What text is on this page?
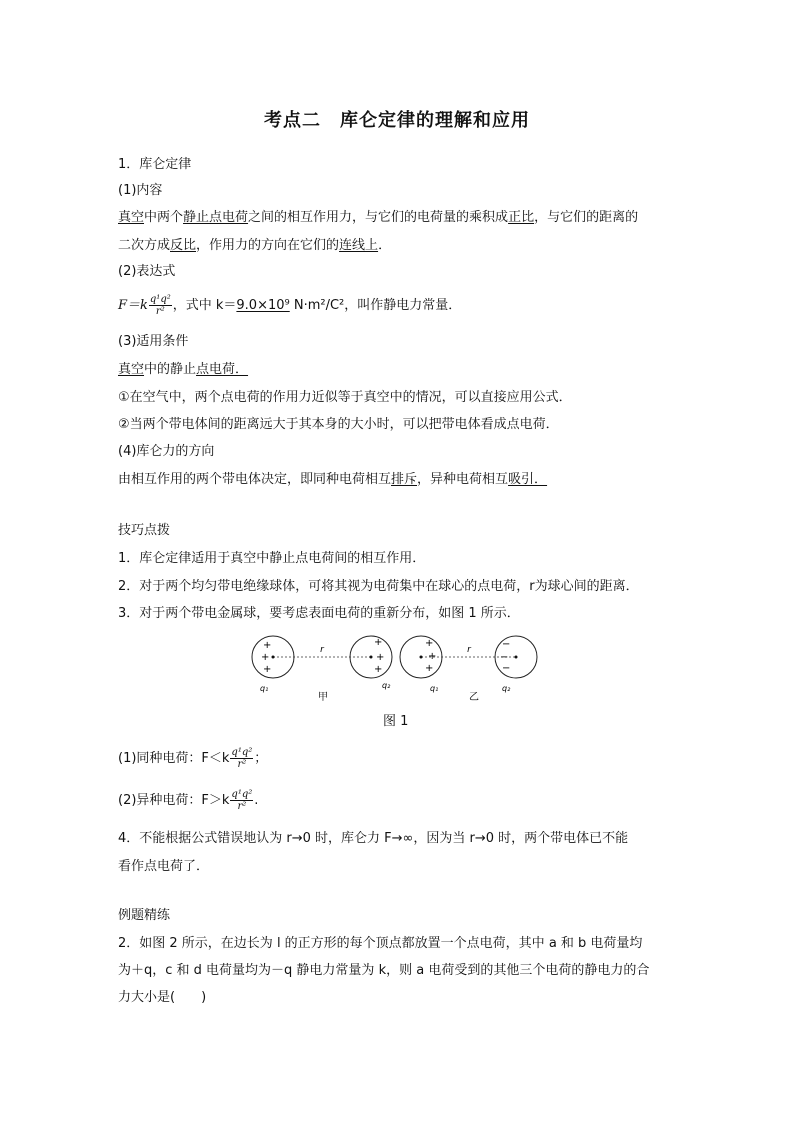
考点二　库仑定律的理解和应用
1．库仑定律
(1)内容
真空中两个静止点电荷之间的相互作用力，与它们的电荷量的乘积成正比，与它们的距离的
二次方成反比，作用力的方向在它们的连线上．
(2)表达式
$F=k \frac{\text{q¹q²}}{\text{r²}}$ ，式中 k＝9.0×10⁹ N·m²/C²，叫作静电力常量．
(3)适用条件
真空中的静止点电荷．
①在空气中，两个点电荷的作用力近似等于真空中的情况，可以直接应用公式．
②当两个带电体间的距离远大于其本身的大小时，可以把带电体看成点电荷．
(4)库仑力的方向
由相互作用的两个带电体决定，即同种电荷相互排斥，异种电荷相互吸引．
技巧点拨
1．库仑定律适用于真空中静止点电荷间的相互作用．
2．对于两个均匀带电绝缘球体，可将其视为电荷集中在球心的点电荷，r为球心间的距离．
3．对于两个带电金属球，要考虑表面电荷的重新分布，如图 1 所示．
r
+
+
+
+
+
+
q₁	q₂
r
+
+
+
−
−
−
q₁	q₂
甲	乙
图 1
(1)同种电荷：$F<k \frac{\text{q¹q²}}{\text{r²}}$ ；
(2)异种电荷：$F>k \frac{\text{q¹q²}}{\text{r²}}$ .
4．不能根据公式错误地认为 r→0 时，库仑力 F→∞，因为当 r→0 时，两个带电体已不能
看作点电荷了．
例题精练
2．如图 2 所示，在边长为 l 的正方形的每个顶点都放置一个点电荷，其中 a 和 b 电荷量均
为＋q，c 和 d 电荷量均为－q 静电力常量为 k，则 a 电荷受到的其他三个电荷的静电力的合
力大小是(　　)
